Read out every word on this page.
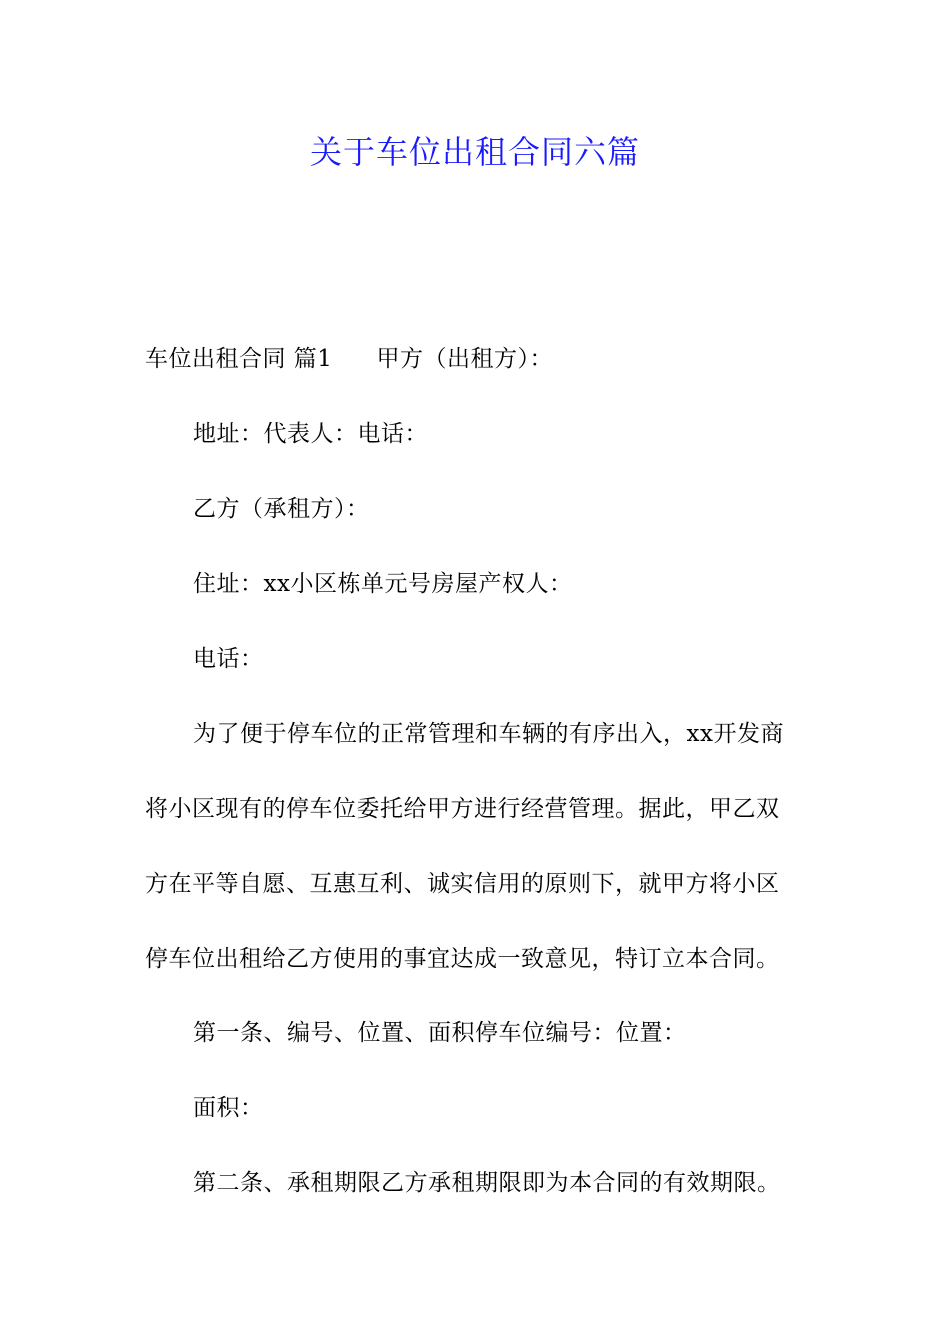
关于车位出租合同六篇
车位出租合同 篇1 甲方（出租方）：
地址：代表人：电话：
乙方（承租方）：
住址：xx小区栋单元号房屋产权人：
电话：
为了便于停车位的正常管理和车辆的有序出入，xx开发商
将小区现有的停车位委托给甲方进行经营管理。据此，甲乙双
方在平等自愿、互惠互利、诚实信用的原则下，就甲方将小区
停车位出租给乙方使用的事宜达成一致意见，特订立本合同。
第一条、编号、位置、面积停车位编号：位置：
面积：
第二条、承租期限乙方承租期限即为本合同的有效期限。
